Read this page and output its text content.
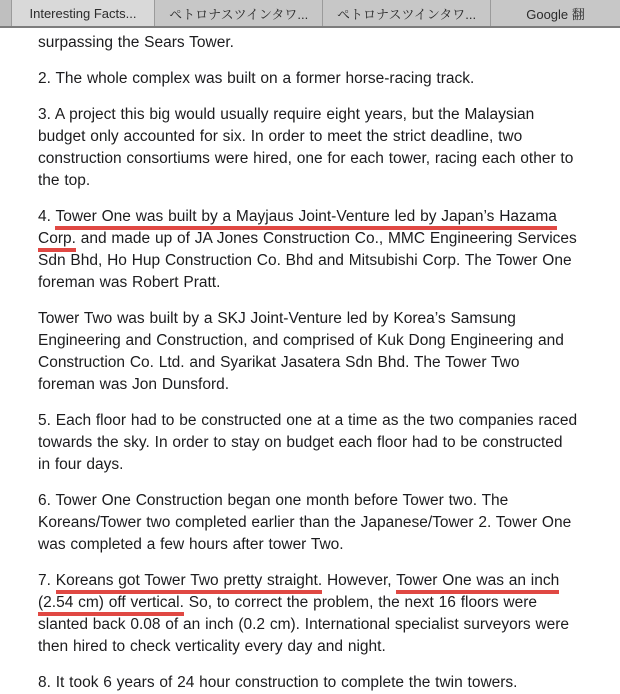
Interesting Facts...	ペトロナスツインタワ... ペトロナスツインタワ...	Google 翻

surpassing the Sears Tower.

2. The whole complex was built on a former horse-racing track.

3. A project this big would usually require eight years, but the Malaysian budget only accounted for six. In order to meet the strict deadline, two construction consortiums were hired, one for each tower, racing each other to the top.

4. Tower One was built by a Mayjaus Joint-Venture led by Japan’s Hazama Corp. and made up of JA Jones Construction Co., MMC Engineering Services Sdn Bhd, Ho Hup Construction Co. Bhd and Mitsubishi Corp. The Tower One foreman was Robert Pratt.

Tower Two was built by a SKJ Joint-Venture led by Korea’s Samsung Engineering and Construction, and comprised of Kuk Dong Engineering and Construction Co. Ltd. and Syarikat Jasatera Sdn Bhd. The Tower Two foreman was Jon Dunsford.

5. Each floor had to be constructed one at a time as the two companies raced towards the sky. In order to stay on budget each floor had to be constructed in four days.

6. Tower One Construction began one month before Tower two. The Koreans/Tower two completed earlier than the Japanese/Tower 2. Tower One was completed a few hours after tower Two.

7. Koreans got Tower Two pretty straight. However, Tower One was an inch (2.54 cm) off vertical. So, to correct the problem, the next 16 floors were slanted back 0.08 of an inch (0.2 cm). International specialist surveyors were then hired to check verticality every day and night.

8. It took 6 years of 24 hour construction to complete the twin towers.
